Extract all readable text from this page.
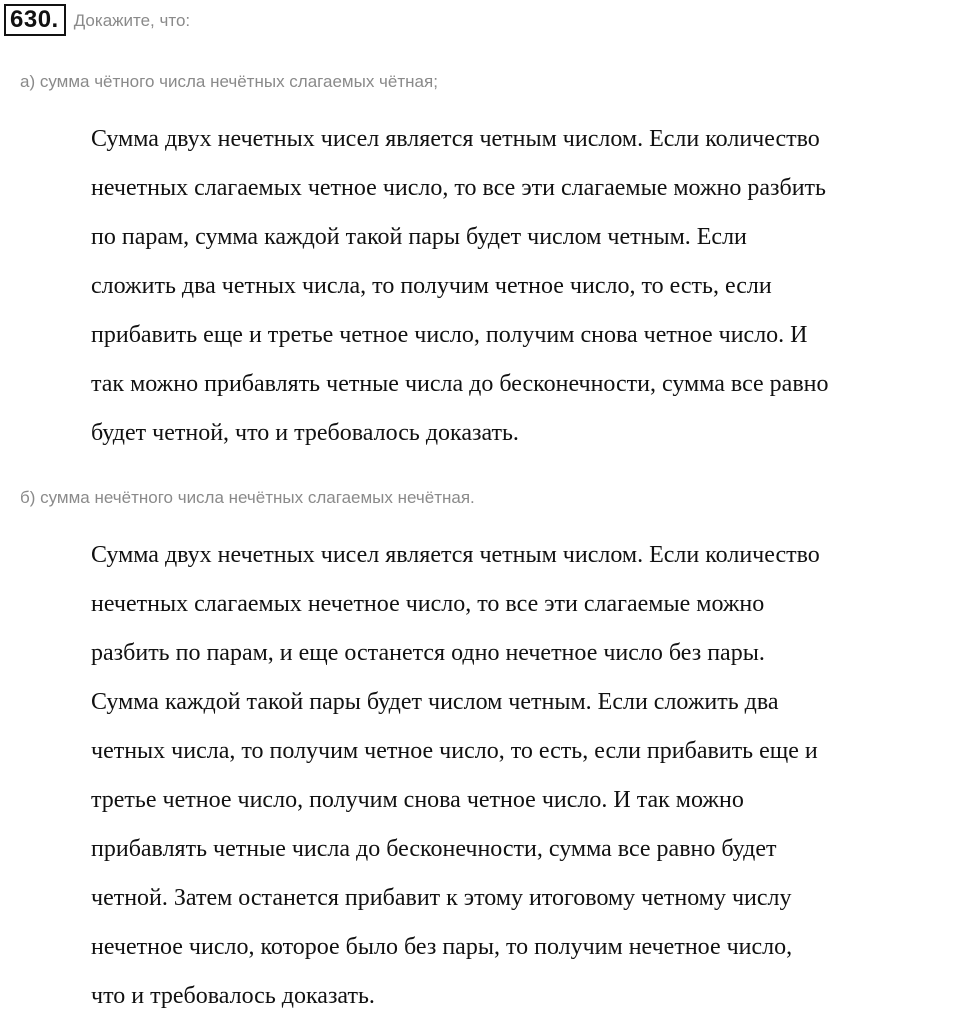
630. Докажите, что:
а) сумма чётного числа нечётных слагаемых чётная;
Сумма двух нечетных чисел является четным числом. Если количество
нечетных слагаемых четное число, то все эти слагаемые можно разбить
по парам, сумма каждой такой пары будет числом четным. Если
сложить два четных числа, то получим четное число, то есть, если
прибавить еще и третье четное число, получим снова четное число. И
так можно прибавлять четные числа до бесконечности, сумма все равно
будет четной, что и требовалось доказать.
б) сумма нечётного числа нечётных слагаемых нечётная.
Сумма двух нечетных чисел является четным числом. Если количество
нечетных слагаемых нечетное число, то все эти слагаемые можно
разбить по парам, и еще останется одно нечетное число без пары.
Сумма каждой такой пары будет числом четным. Если сложить два
четных числа, то получим четное число, то есть, если прибавить еще и
третье четное число, получим снова четное число. И так можно
прибавлять четные числа до бесконечности, сумма все равно будет
четной. Затем останется прибавит к этому итоговому четному числу
нечетное число, которое было без пары, то получим нечетное число,
что и требовалось доказать.
